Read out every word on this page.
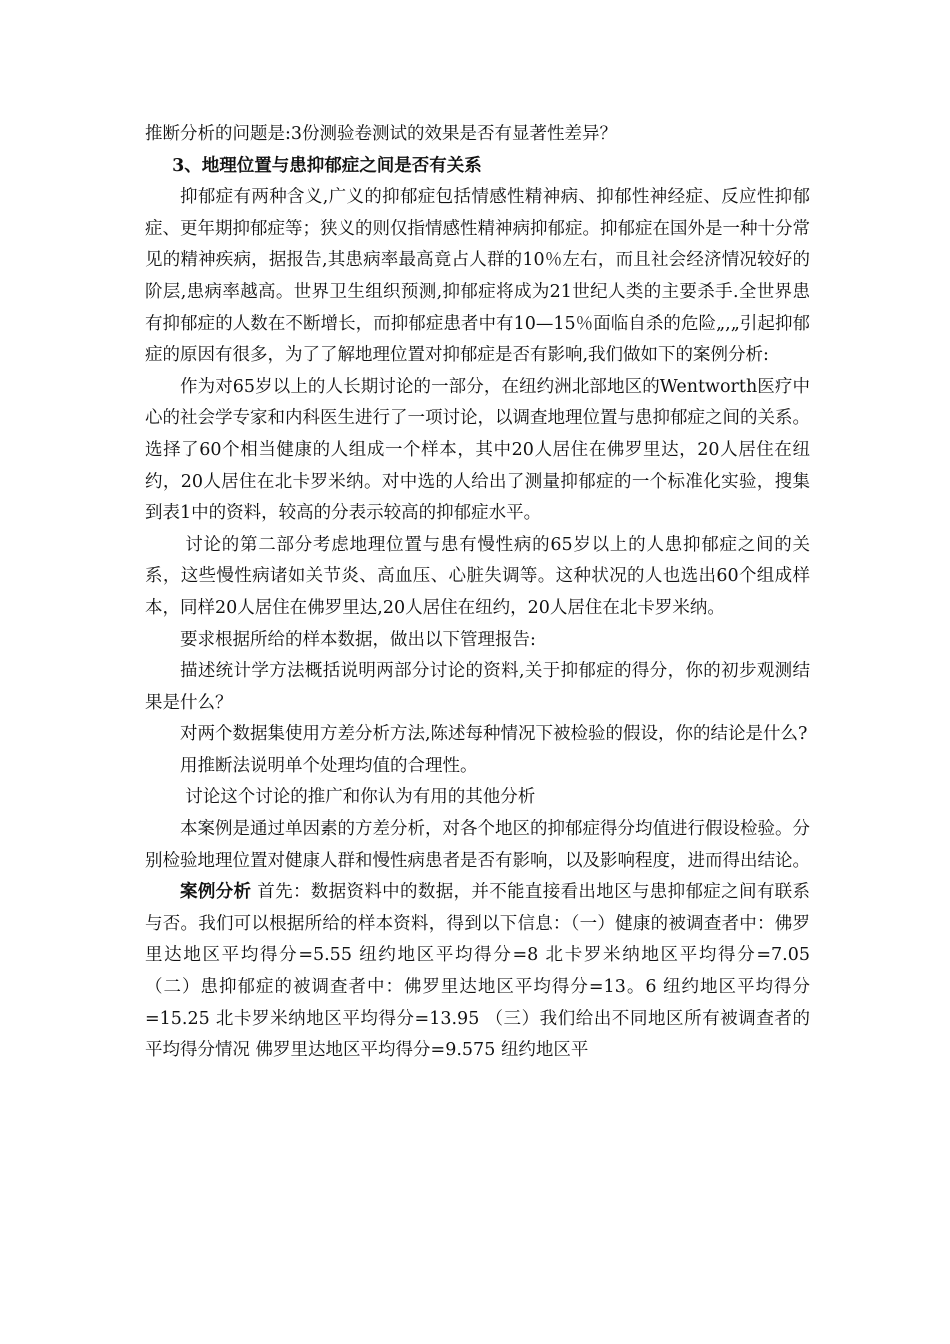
推断分析的问题是:3份测验卷测试的效果是否有显著性差异？

3、地理位置与患抑郁症之间是否有关系

抑郁症有两种含义,广义的抑郁症包括情感性精神病、抑郁性神经症、反应性抑郁症、更年期抑郁症等；狭义的则仅指情感性精神病抑郁症。抑郁症在国外是一种十分常见的精神疾病，据报告,其患病率最高竟占人群的10％左右，而且社会经济情况较好的阶层,患病率越高。世界卫生组织预测,抑郁症将成为21世纪人类的主要杀手.全世界患有抑郁症的人数在不断增长，而抑郁症患者中有10—15％面临自杀的危险„,„引起抑郁症的原因有很多，为了了解地理位置对抑郁症是否有影响,我们做如下的案例分析:

作为对65岁以上的人长期讨论的一部分，在纽约洲北部地区的Wentworth医疗中心的社会学专家和内科医生进行了一项讨论，以调查地理位置与患抑郁症之间的关系。选择了60个相当健康的人组成一个样本，其中20人居住在佛罗里达，20人居住在纽约，20人居住在北卡罗米纳。对中选的人给出了测量抑郁症的一个标准化实验，搜集到表1中的资料，较高的分表示较高的抑郁症水平。

讨论的第二部分考虑地理位置与患有慢性病的65岁以上的人患抑郁症之间的关系，这些慢性病诸如关节炎、高血压、心脏失调等。这种状况的人也选出60个组成样本，同样20人居住在佛罗里达,20人居住在纽约，20人居住在北卡罗米纳。

要求根据所给的样本数据，做出以下管理报告:

描述统计学方法概括说明两部分讨论的资料,关于抑郁症的得分，你的初步观测结果是什么？

对两个数据集使用方差分析方法,陈述每种情况下被检验的假设，你的结论是什么?

用推断法说明单个处理均值的合理性。

讨论这个讨论的推广和你认为有用的其他分析

本案例是通过单因素的方差分析，对各个地区的抑郁症得分均值进行假设检验。分别检验地理位置对健康人群和慢性病患者是否有影响，以及影响程度，进而得出结论。

案例分析 首先：数据资料中的数据，并不能直接看出地区与患抑郁症之间有联系与否。我们可以根据所给的样本资料，得到以下信息：（一）健康的被调查者中：佛罗里达地区平均得分=5.55 纽约地区平均得分=8 北卡罗米纳地区平均得分=7.05 （二）患抑郁症的被调查者中：佛罗里达地区平均得分=13。6 纽约地区平均得分=15.25 北卡罗米纳地区平均得分=13.95 （三）我们给出不同地区所有被调查者的平均得分情况 佛罗里达地区平均得分=9.575 纽约地区平
